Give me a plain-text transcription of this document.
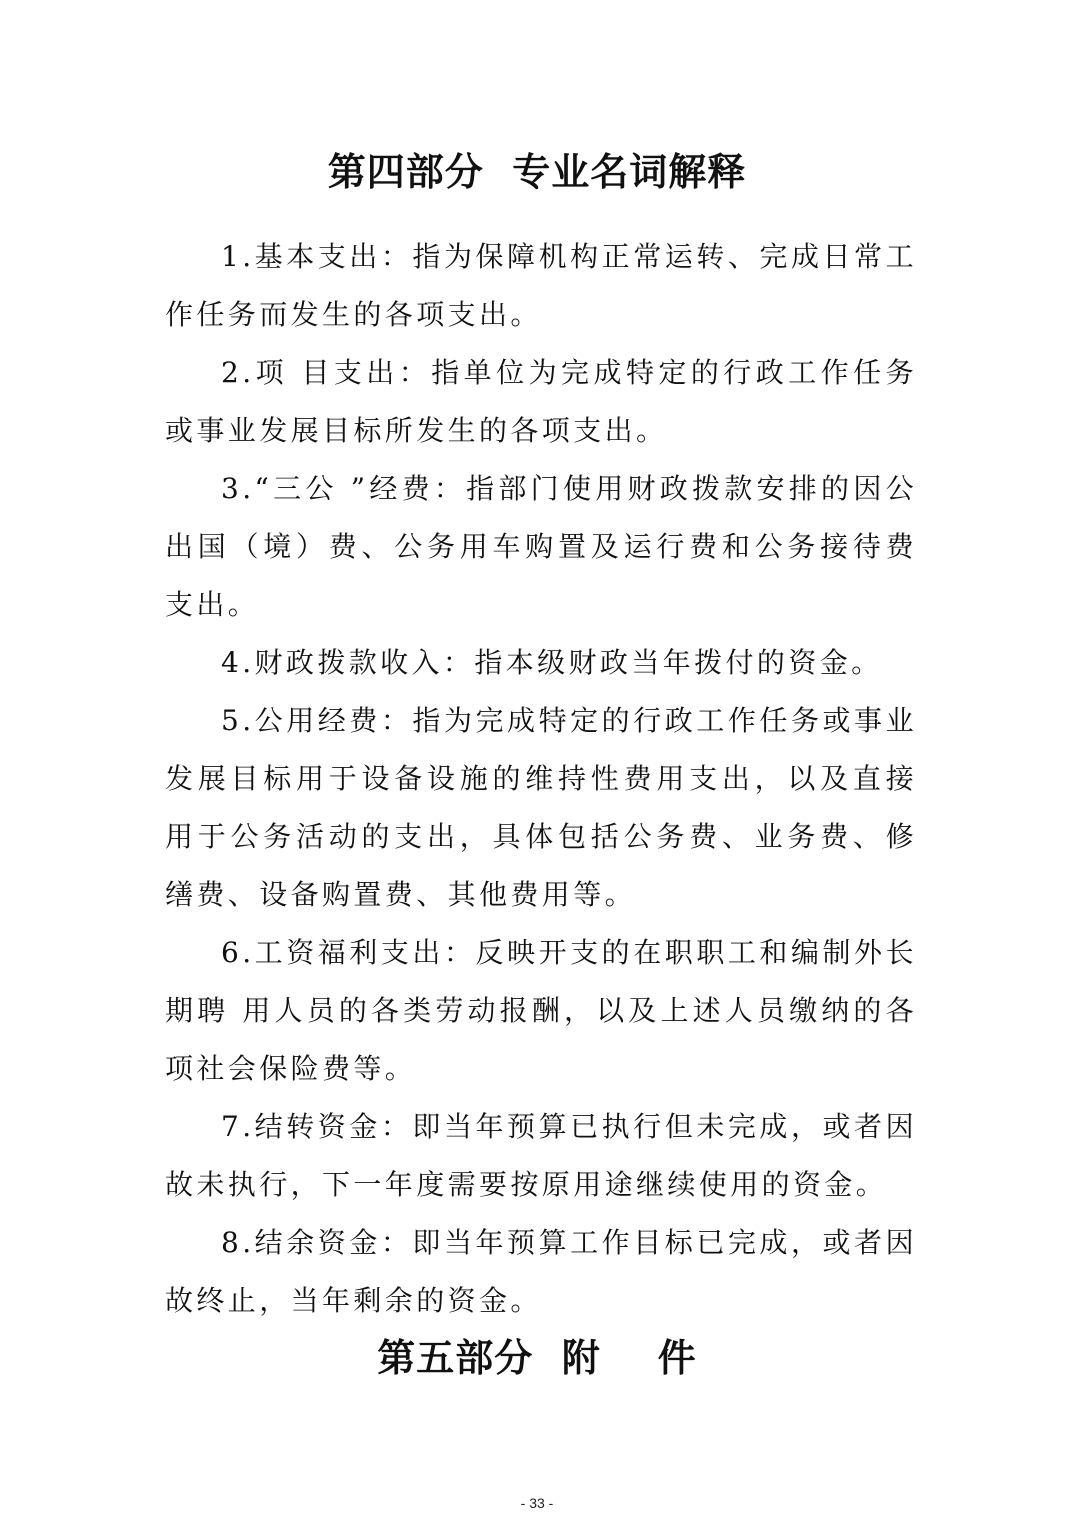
第四部分  专业名词解释

1.基本支出：指为保障机构正常运转、完成日常工作任务而发生的各项支出。

2.项 目支出：指单位为完成特定的行政工作任务或事业发展目标所发生的各项支出。

3.“三公 ”经费：指部门使用财政拨款安排的因公出国（境）费、公务用车购置及运行费和公务接待费支出。

4.财政拨款收入：指本级财政当年拨付的资金。

5.公用经费：指为完成特定的行政工作任务或事业发展目标用于设备设施的维持性费用支出，以及直接用于公务活动的支出，具体包括公务费、业务费、修缮费、设备购置费、其他费用等。

6.工资福利支出：反映开支的在职职工和编制外长期聘 用人员的各类劳动报酬，以及上述人员缴纳的各项社会保险费等。

7.结转资金：即当年预算已执行但未完成，或者因故未执行，下一年度需要按原用途继续使用的资金。

8.结余资金：即当年预算工作目标已完成，或者因故终止，当年剩余的资金。

第五部分  附    件
- 33 -
